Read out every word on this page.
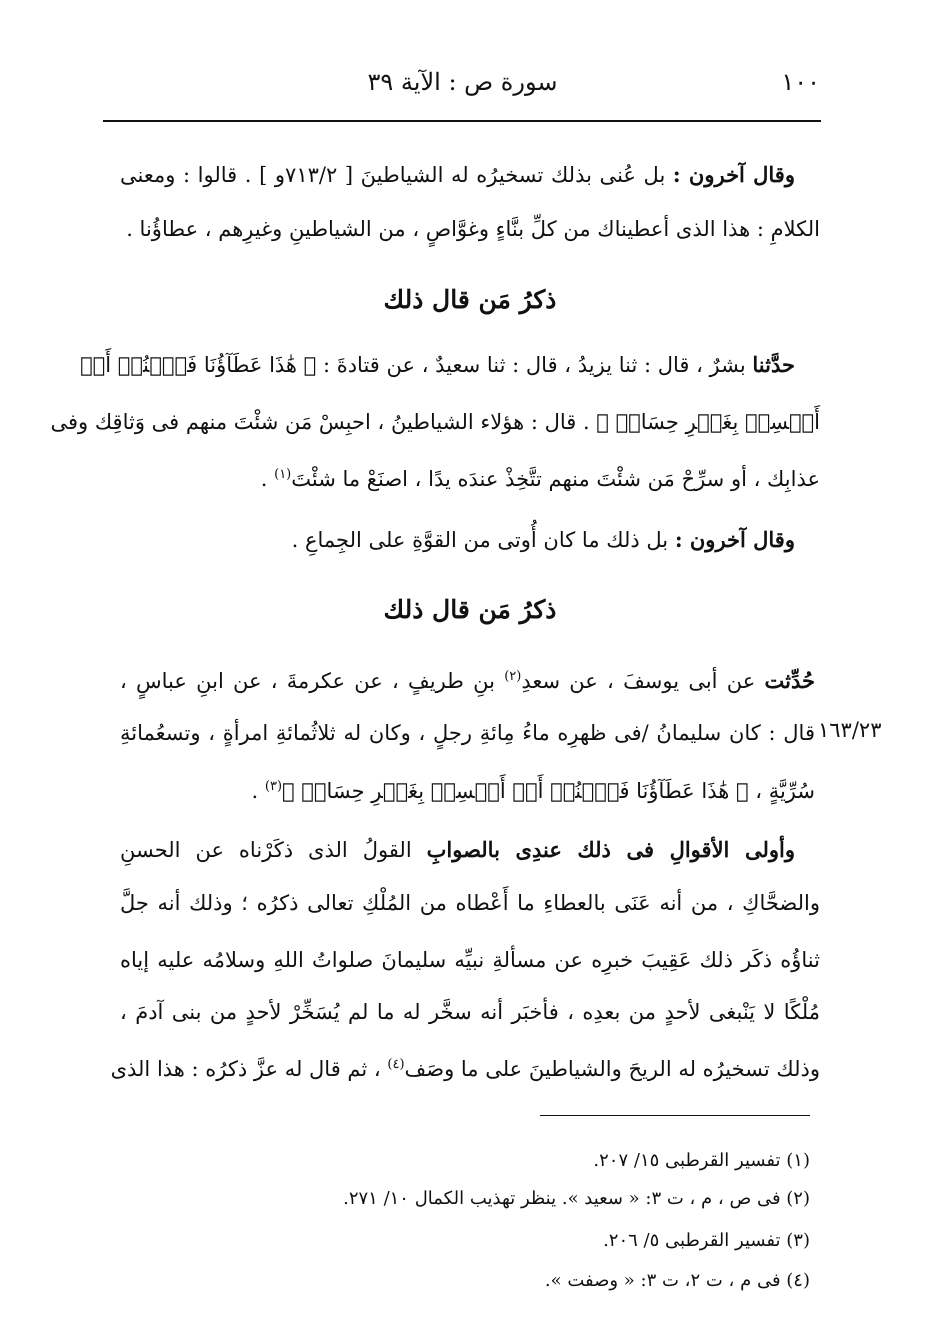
١٠٠
سورة ص : الآية ٣٩
وقال آخرون : بل عُنى بذلك تسخيرُه له الشياطينَ [ ٧١٣/٢و ] . قالوا : ومعنى
الكلامِ : هذا الذى أعطيناك من كلِّ بنَّاءٍ وغوَّاصٍ ، من الشياطينِ وغيرِهم ، عطاؤُنا .
ذكرُ مَن قال ذلك
حدَّثنا بشرٌ ، قال : ثنا يزيدُ ، قال : ثنا سعيدٌ ، عن قتادةَ : ﴿ هَٰذَا عَطَآؤُنَا فَٱمۡنُنۡ أَوۡ
أَمۡسِكۡ بِغَيۡرِ حِسَابٖ ﴾ . قال : هؤلاء الشياطينُ ، احبِسْ مَن شئْتَ منهم فى وَثاقِك وفى
عذابِك ، أو سرِّحْ مَن شئْتَ منهم تتَّخِذْ عندَه يدًا ، اصنَعْ ما شئْتَ$^{(١)}$ .
وقال آخرون : بل ذلك ما كان أُوتى من القوَّةِ على الجِماعِ .
ذكرُ مَن قال ذلك
حُدِّثت عن أبى يوسفَ ، عن سعدِ$^{(٢)}$ بنِ طريفٍ ، عن عكرمةَ ، عن ابنِ عباسٍ ،
قال : كان سليمانُ /فى ظهرِه ماءُ مِائةِ رجلٍ ، وكان له ثلاثُمائةِ امرأةٍ ، وتسعُمائةِ ١٦٣/٢٣
سُرِّيَّةٍ ، ﴿ هَٰذَا عَطَآؤُنَا فَٱمۡنُنۡ أَوۡ أَمۡسِكۡ بِغَيۡرِ حِسَابٖ ﴾$^{(٣)}$ .
وأولى الأقوالِ فى ذلك عندِى بالصوابِ القولُ الذى ذكَرْناه عن الحسنِ
والضحَّاكِ ، من أنه عَنَى بالعطاءِ ما أَعْطاه من المُلْكِ تعالى ذكرُه ؛ وذلك أنه جلَّ
ثناؤُه ذكَر ذلك عَقِيبَ خبرِه عن مسألةِ نبيِّه سليمانَ صلواتُ اللهِ وسلامُه عليه إياه
مُلْكًا لا يَنْبغى لأحدٍ من بعدِه ، فأخبَر أنه سخَّر له ما لم يُسَخِّرْ لأحدٍ من بنى آدمَ ،
وذلك تسخيرُه له الريحَ والشياطينَ على ما وصَف$^{(٤)}$ ، ثم قال له عزَّ ذكرُه : هذا الذى
(١) تفسير القرطبى ١٥/ ٢٠٧.
(٢) فى ص ، م ، ت ٣: « سعيد ». ينظر تهذيب الكمال ١٠/ ٢٧١.
(٣) تفسير القرطبى ٥/ ٢٠٦.
(٤) فى م ، ت ٢، ت ٣: « وصفت ».
